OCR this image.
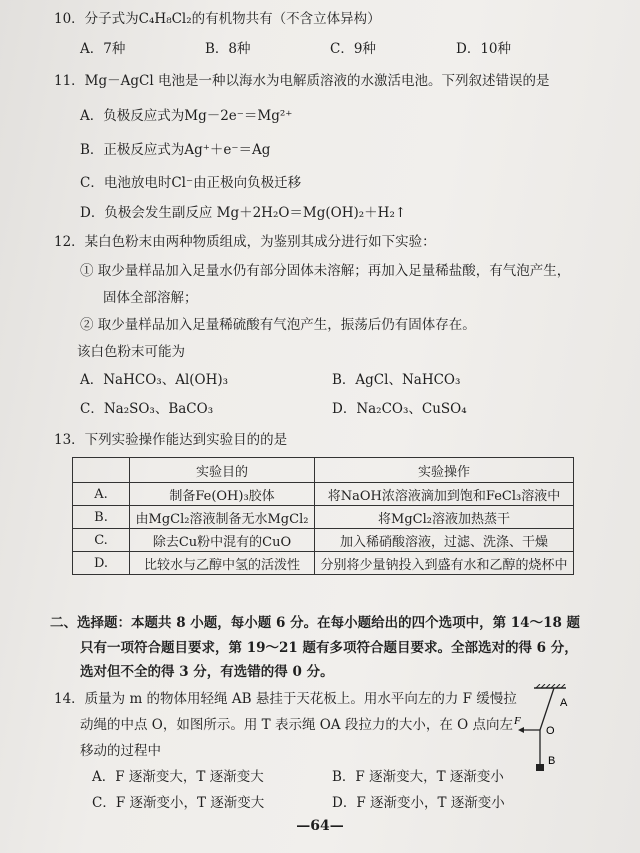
10．分子式为C₄H₈Cl₂的有机物共有（不含立体异构）
A．7种	B．8种	C．9种	D．10种
11．Mg－AgCl 电池是一种以海水为电解质溶液的水激活电池。下列叙述错误的是
A．负极反应式为Mg－2e⁻＝Mg²⁺
B．正极反应式为Ag⁺＋e⁻＝Ag
C．电池放电时Cl⁻由正极向负极迁移
D．负极会发生副反应 Mg＋2H₂O＝Mg(OH)₂＋H₂↑
12．某白色粉末由两种物质组成，为鉴别其成分进行如下实验：
① 取少量样品加入足量水仍有部分固体未溶解；再加入足量稀盐酸，有气泡产生，
固体全部溶解；
② 取少量样品加入足量稀硫酸有气泡产生，振荡后仍有固体存在。
该白色粉末可能为
A．NaHCO₃、Al(OH)₃	B．AgCl、NaHCO₃
C．Na₂SO₃、BaCO₃	D．Na₂CO₃、CuSO₄
13．下列实验操作能达到实验目的的是
	实验目的	实验操作
A.	制备Fe(OH)₃胶体	将NaOH浓溶液滴加到饱和FeCl₃溶液中
B.	由MgCl₂溶液制备无水MgCl₂	将MgCl₂溶液加热蒸干
C.	除去Cu粉中混有的CuO	加入稀硝酸溶液，过滤、洗涤、干燥
D.	比较水与乙醇中氢的活泼性	分别将少量钠投入到盛有水和乙醇的烧杯中
二、选择题：本题共 8 小题，每小题 6 分。在每小题给出的四个选项中，第 14～18 题
只有一项符合题目要求，第 19～21 题有多项符合题目要求。全部选对的得 6 分，
选对但不全的得 3 分，有选错的得 0 分。
14．质量为 m 的物体用轻绳 AB 悬挂于天花板上。用水平向左的力 F 缓慢拉
动绳的中点 O，如图所示。用 T 表示绳 OA 段拉力的大小，在 O 点向左
移动的过程中
A．F 逐渐变大，T 逐渐变大	B．F 逐渐变大，T 逐渐变小
C．F 逐渐变小，T 逐渐变大	D．F 逐渐变小，T 逐渐变小
A
O
B
F
—64—
